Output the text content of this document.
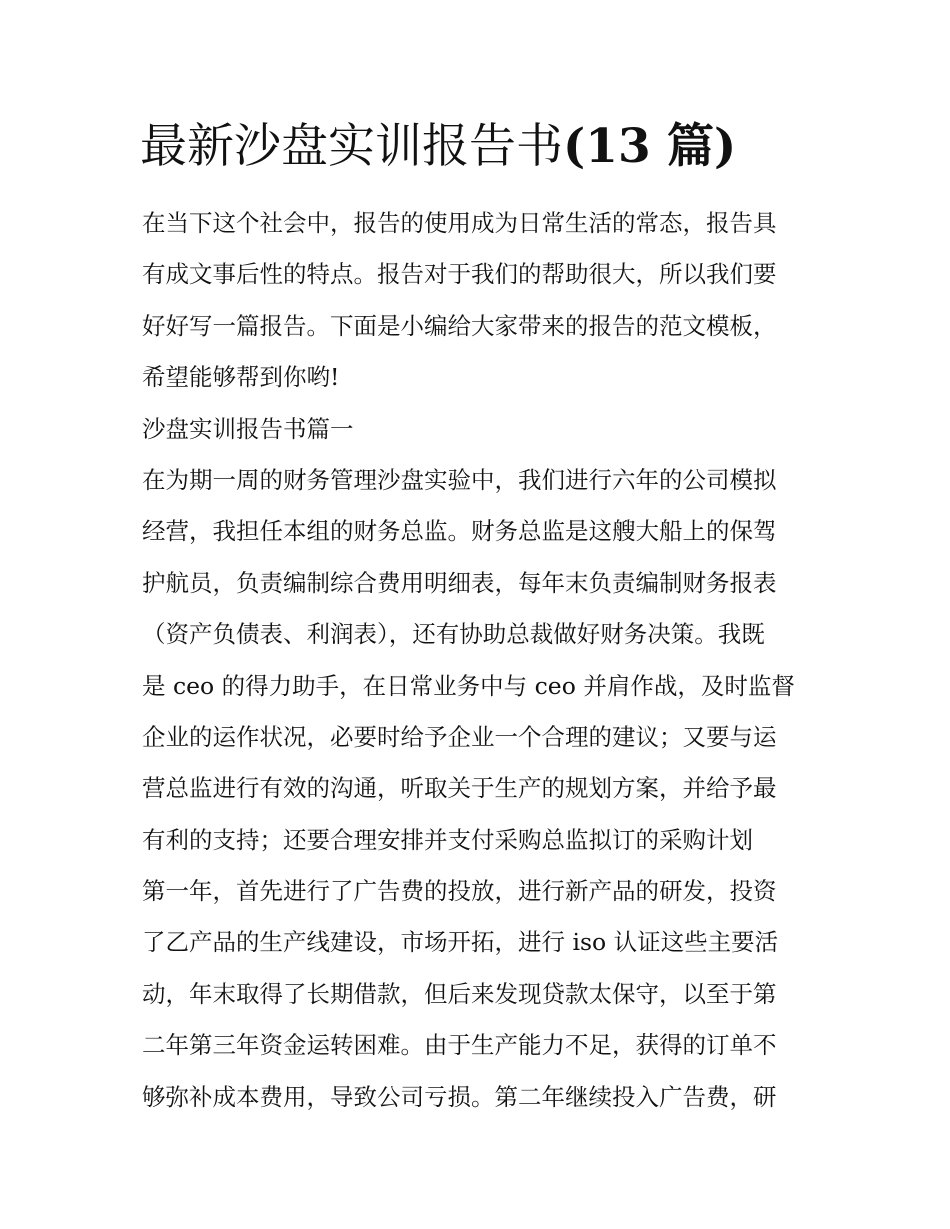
最新沙盘实训报告书(13 篇)
在当下这个社会中，报告的使用成为日常生活的常态，报告具
有成文事后性的特点。报告对于我们的帮助很大，所以我们要
好好写一篇报告。下面是小编给大家带来的报告的范文模板，
希望能够帮到你哟!
沙盘实训报告书篇一
在为期一周的财务管理沙盘实验中，我们进行六年的公司模拟
经营，我担任本组的财务总监。财务总监是这艘大船上的保驾
护航员，负责编制综合费用明细表，每年末负责编制财务报表
（资产负债表、利润表），还有协助总裁做好财务决策。我既
是 ceo 的得力助手，在日常业务中与 ceo 并肩作战，及时监督
企业的运作状况，必要时给予企业一个合理的建议；又要与运
营总监进行有效的沟通，听取关于生产的规划方案，并给予最
有利的支持；还要合理安排并支付采购总监拟订的采购计划
第一年，首先进行了广告费的投放，进行新产品的研发，投资
了乙产品的生产线建设，市场开拓，进行 iso 认证这些主要活
动，年末取得了长期借款，但后来发现贷款太保守，以至于第
二年第三年资金运转困难。由于生产能力不足，获得的订单不
够弥补成本费用，导致公司亏损。第二年继续投入广告费，研
